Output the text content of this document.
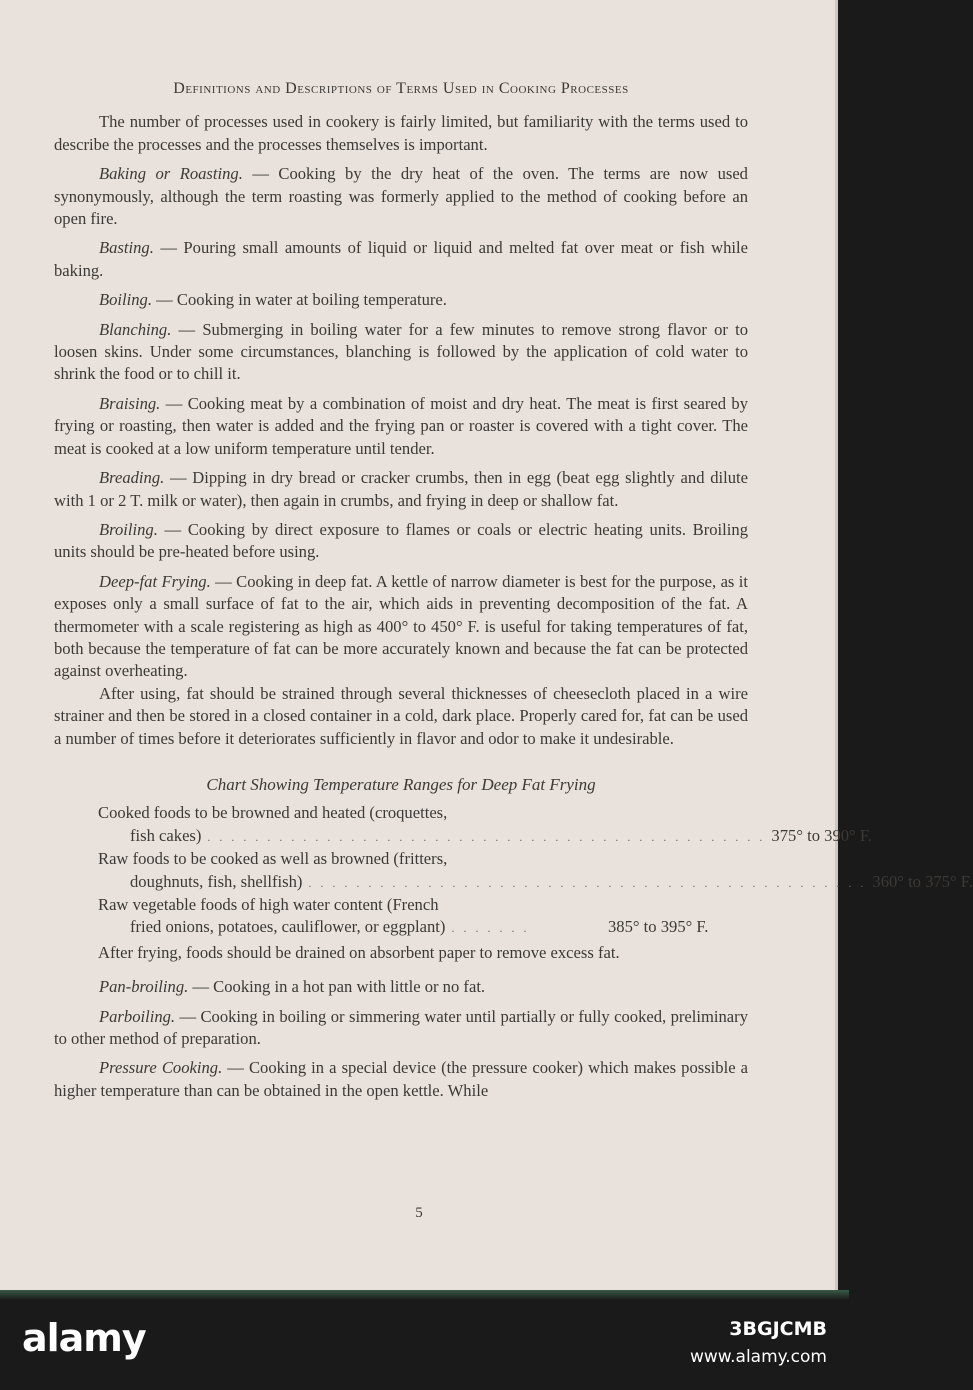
Definitions and Descriptions of Terms Used in Cooking Processes

The number of processes used in cookery is fairly limited, but familiarity with the terms used to describe the processes and the processes themselves is important.

Baking or Roasting. — Cooking by the dry heat of the oven. The terms are now used synonymously, although the term roasting was formerly applied to the method of cooking before an open fire.

Basting. — Pouring small amounts of liquid or liquid and melted fat over meat or fish while baking.

Boiling. — Cooking in water at boiling temperature.

Blanching. — Submerging in boiling water for a few minutes to remove strong flavor or to loosen skins. Under some circumstances, blanching is followed by the application of cold water to shrink the food or to chill it.

Braising. — Cooking meat by a combination of moist and dry heat. The meat is first seared by frying or roasting, then water is added and the frying pan or roaster is covered with a tight cover. The meat is cooked at a low uniform temperature until tender.

Breading. — Dipping in dry bread or cracker crumbs, then in egg (beat egg slightly and dilute with 1 or 2 T. milk or water), then again in crumbs, and frying in deep or shallow fat.

Broiling. — Cooking by direct exposure to flames or coals or electric heating units. Broiling units should be pre-heated before using.

Deep-fat Frying. — Cooking in deep fat. A kettle of narrow diameter is best for the purpose, as it exposes only a small surface of fat to the air, which aids in preventing decomposition of the fat. A thermometer with a scale registering as high as 400° to 450° F. is useful for taking temperatures of fat, both because the temperature of fat can be more accurately known and because the fat can be protected against overheating.

After using, fat should be strained through several thicknesses of cheesecloth placed in a wire strainer and then be stored in a closed container in a cold, dark place. Properly cared for, fat can be used a number of times before it deteriorates sufficiently in flavor and odor to make it undesirable.

Chart Showing Temperature Ranges for Deep Fat Frying
Cooked foods to be browned and heated (croquettes,
fish cakes) . . . . . . . . . . . . . . . . . . . . . . . . . . . . . . . . . . . . . . . . . . . . . . . 375° to 390° F.
Raw foods to be cooked as well as browned (fritters,
doughnuts, fish, shellfish) . . . . . . . . . . . . . . . . . . . . . . . . . . . . . . . . . . . . . . . . . . . . . . . 360° to 375° F.
Raw vegetable foods of high water content (French
fried onions, potatoes, cauliflower, or eggplant) . . . . . . .	385° to 395° F.
After frying, foods should be drained on absorbent paper to remove excess fat.

Pan-broiling. — Cooking in a hot pan with little or no fat.

Parboiling. — Cooking in boiling or simmering water until partially or fully cooked, preliminary to other method of preparation.

Pressure Cooking. — Cooking in a special device (the pressure cooker) which makes possible a higher temperature than can be obtained in the open kettle. While

5
alamy	3BGJCMB
www.alamy.com
